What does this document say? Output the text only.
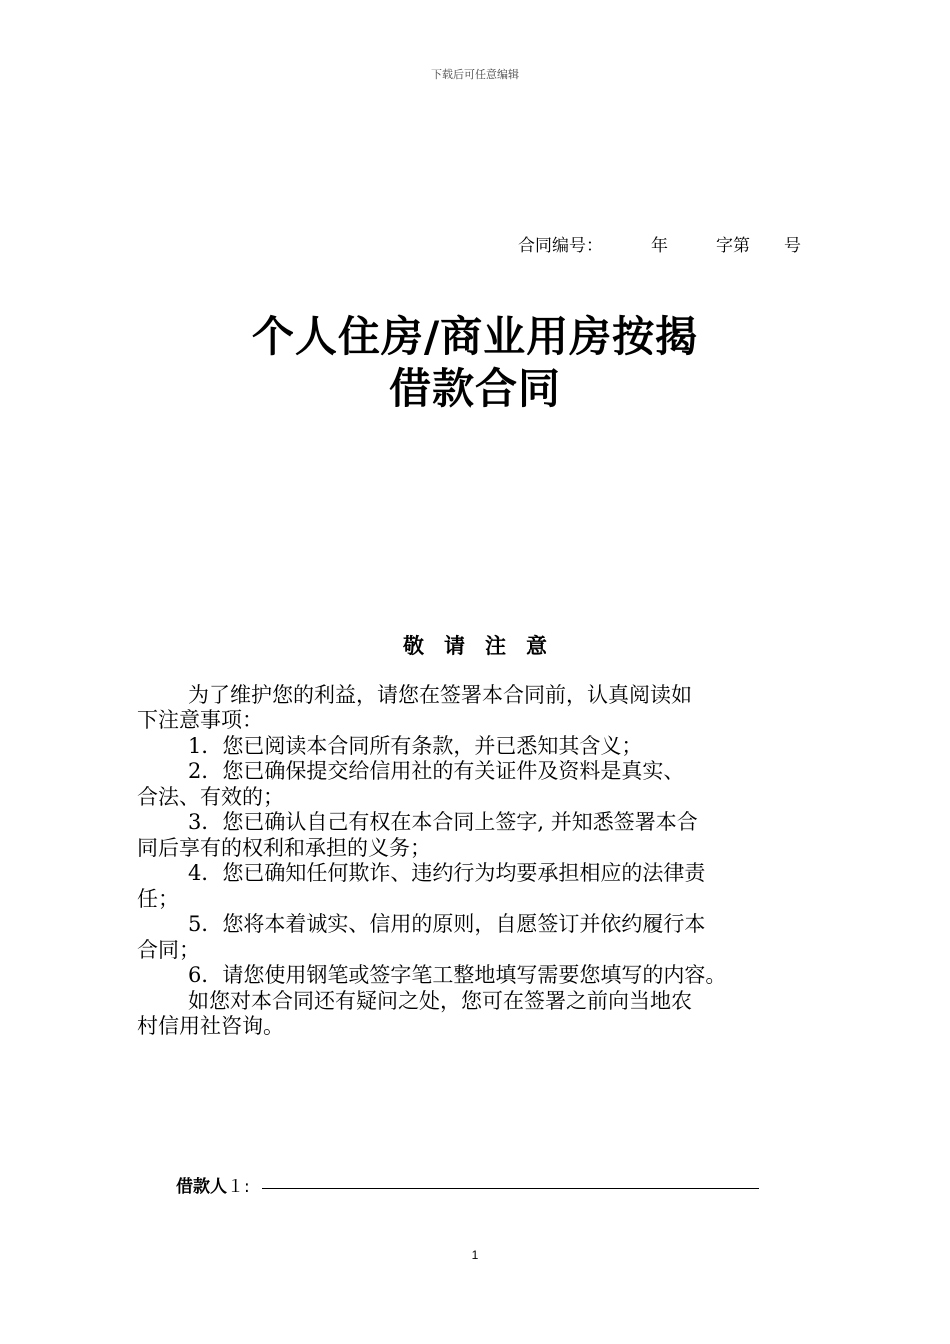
下载后可任意编辑
合同编号：	年	字第 号
个人住房/商业用房按揭
借款合同
敬 请 注 意
为了维护您的利益，请您在签署本合同前，认真阅读如
下注意事项：
1．您已阅读本合同所有条款，并已悉知其含义；
2．您已确保提交给信用社的有关证件及资料是真实、
合法、有效的；
3．您已确认自己有权在本合同上签字, 并知悉签署本合
同后享有的权利和承担的义务；
4．您已确知任何欺诈、违约行为均要承担相应的法律责
任；
5．您将本着诚实、信用的原则，自愿签订并依约履行本
合同；
6．请您使用钢笔或签字笔工整地填写需要您填写的内容。
如您对本合同还有疑问之处，您可在签署之前向当地农
村信用社咨询。
借款人１:
1
